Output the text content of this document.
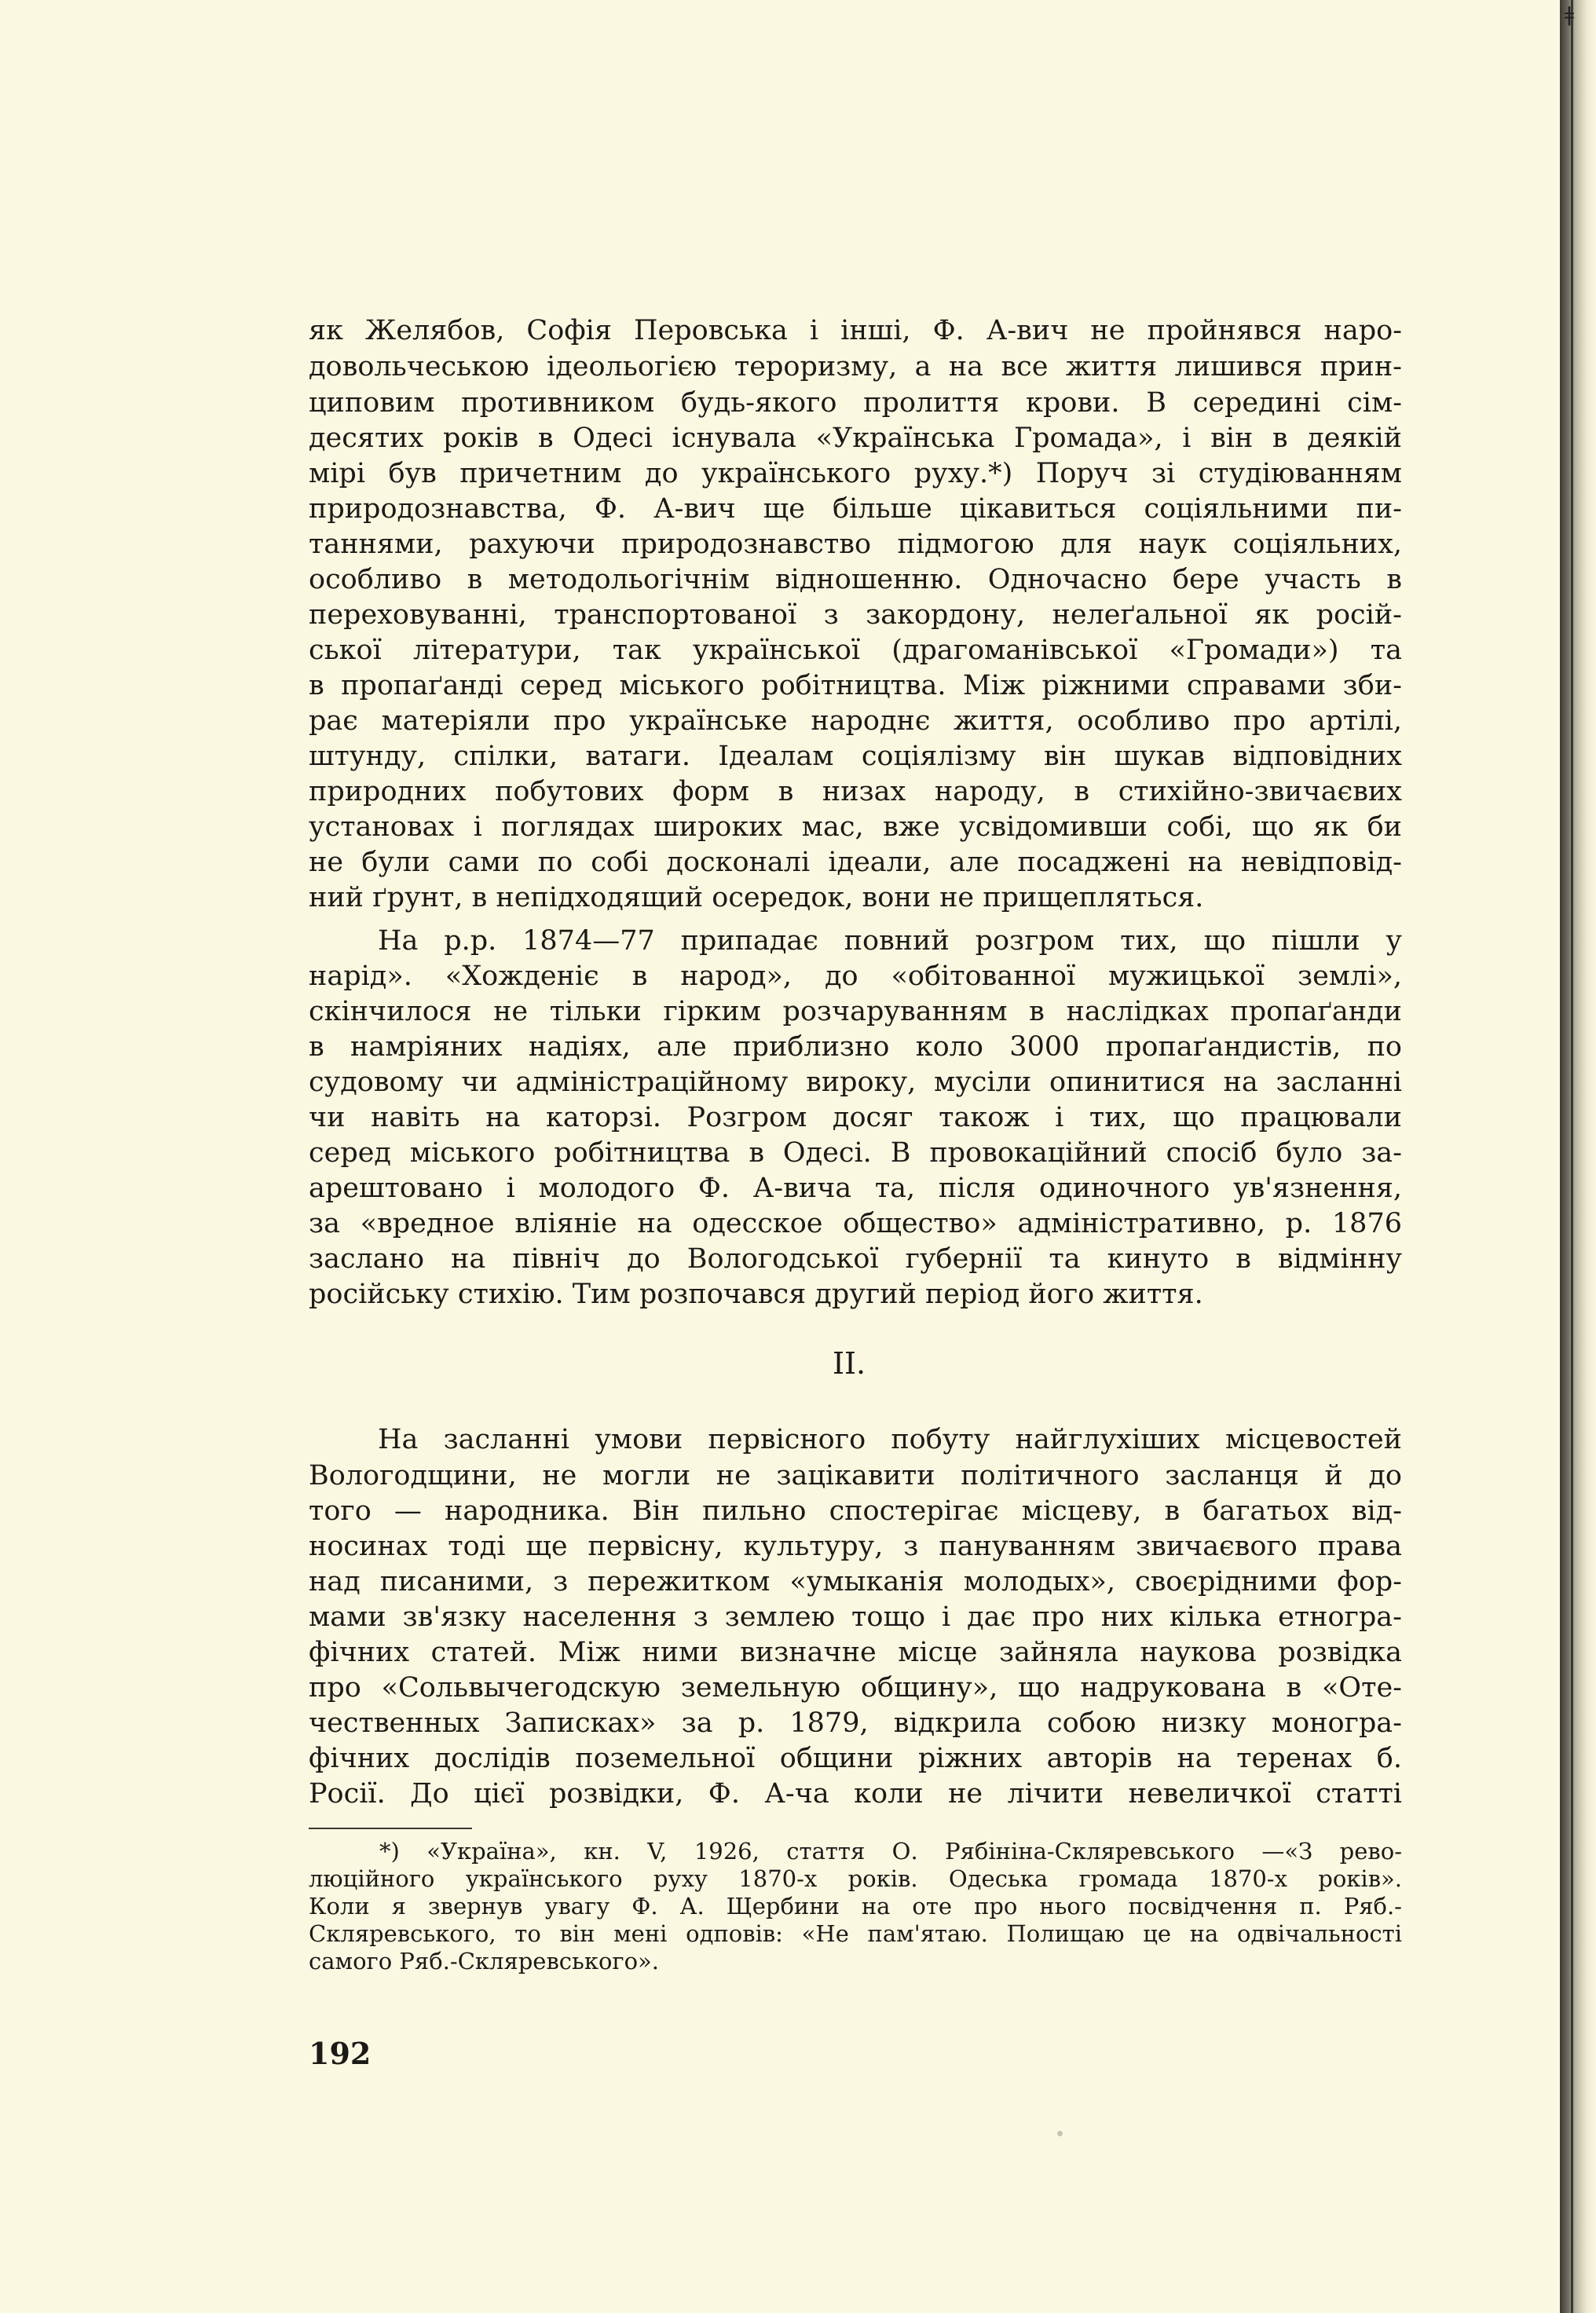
ǂ
як Желябов, Софія Перовська і інші, Ф. А-вич не пройнявся наро-
довольчеською ідеольогією тероризму, а на все життя лишився прин-
циповим противником будь-якого пролиття крови. В середині сім-
десятих років в Одесі існувала «Українська Громада», і він в деякій
мірі був причетним до українського руху.*) Поруч зі студіюванням
природознавства, Ф. А-вич ще більше цікавиться соціяльними пи-
таннями, рахуючи природознавство підмогою для наук соціяльних,
особливо в методольогічнім відношенню. Одночасно бере участь в
переховуванні, транспортованої з закордону, нелеґальної як росій-
ської літератури, так української (драгоманівської «Громади») та
в пропаґанді серед міського робітництва. Між ріжними справами зби-
рає матеріяли про українське народнє життя, особливо про артілі,
штунду, спілки, ватаги. Ідеалам соціялізму він шукав відповідних
природних побутових форм в низах народу, в стихійно-звичаєвих
установах і поглядах широких мас, вже усвідомивши собі, що як би
не були сами по собі досконалі ідеали, але посаджені на невідповід-
ний ґрунт, в непідходящий осередок, вони не прищепляться.
На р.р. 1874—77 припадає повний розгром тих, що пішли у
нарід». «Хожденіє в народ», до «обітованної мужицької землі»,
скінчилося не тільки гірким розчаруванням в наслідках пропаґанди
в намріяних надіях, але приблизно коло 3000 пропаґандистів, по
судовому чи адміністраційному вироку, мусіли опинитися на засланні
чи навіть на каторзі. Розгром досяг також і тих, що працювали
серед міського робітництва в Одесі. В провокаційний спосіб було за-
арештовано і молодого Ф. А-вича та, після одиночного ув'язнення,
за «вредное вліяніе на одесское общество» адміністративно, р. 1876
заслано на північ до Вологодської губернії та кинуто в відмінну
російську стихію. Тим розпочався другий період його життя.
II.
На засланні умови первісного побуту найглухіших місцевостей
Вологодщини, не могли не зацікавити політичного засланця й до
того — народника. Він пильно спостерігає місцеву, в багатьох від-
носинах тоді ще первісну, культуру, з пануванням звичаєвого права
над писаними, з пережитком «умыканія молодых», своєрідними фор-
мами зв'язку населення з землею тощо і дає про них кілька етногра-
фічних статей. Між ними визначне місце зайняла наукова розвідка
про «Сольвычегодскую земельную общину», що надрукована в «Оте-
чественных Записках» за р. 1879, відкрила собою низку моногра-
фічних дослідів поземельної общини ріжних авторів на теренах б.
Росії. До цієї розвідки, Ф. А-ча коли не лічити невеличкої статті
*) «Україна», кн. V, 1926, стаття О. Рябініна-Скляревського —«З рево-
люційного українського руху 1870-х років. Одеська громада 1870-х років».
Коли я звернув увагу Ф. А. Щербини на оте про нього посвідчення п. Ряб.-
Скляревського, то він мені одповів: «Не пам'ятаю. Полищаю це на одвічальності
самого Ряб.-Скляревського».
192
